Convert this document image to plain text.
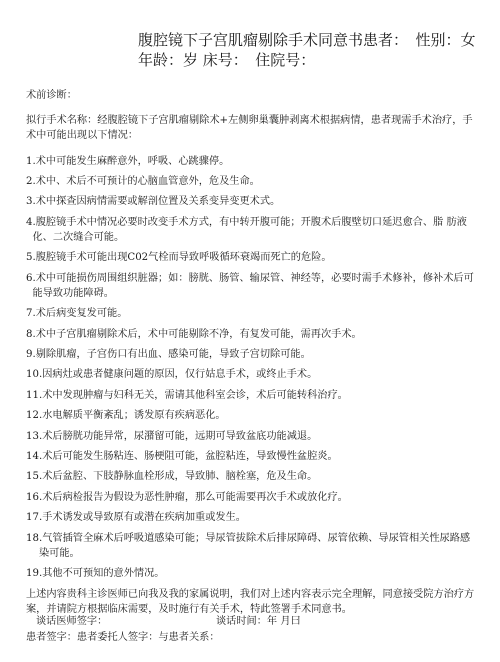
腹腔镜下子宫肌瘤剔除手术同意书患者：　性别：女
年龄：岁 床号：　住院号：

术前诊断：

拟行手术名称：经腹腔镜下子宫肌瘤剔除术+左侧卵巢囊肿剥离术根据病情，患者现需手术治疗，手术中可能出现以下情况：

1 .术中可能发生麻醉意外，呼吸、心跳骤停。
2 .术中、术后不可预计的心脑血管意外，危及生命。
3 .术中探查因病情需要或解剖位置及关系变异变更术式。
4 .腹腔镜手术中情况必要时改变手术方式，有中转开腹可能；开腹术后腹壁切口延迟愈合、脂 肪液化、二次缝合可能。
5 .腹腔镜手术可能出现C02气栓而导致呼吸循环衰竭而死亡的危险。
6 .术中可能损伤周围组织脏器；如：膀胱、肠管、输尿管、神经等，必要时需手术修补，修补术后可能导致功能障碍。
7 .术后病变复发可能。
8 .术中子宫肌瘤剔除术后，术中可能剔除不净，有复发可能，需再次手术。
9 .剔除肌瘤，子宫伤口有出血、感染可能，导致子宫切除可能。
10 .因病灶或患者健康问题的原因，仅行姑息手术，或终止手术。
11 .术中发现肿瘤与妇科无关，需请其他科室会诊，术后可能转科治疗。
12 .水电解质平衡紊乱；诱发原有疾病恶化。
13 .术后膀胱功能异常，尿潴留可能，远期可导致盆底功能减退。
14 .术后可能发生肠粘连、肠梗阻可能，盆腔粘连，导致慢性盆腔炎。
15 .术后盆腔、下肢静脉血栓形成，导致肺、脑栓塞，危及生命。
16 .术后病检报告为假设为恶性肿瘤，那么可能需要再次手术或放化疗。
17 .手术诱发或导致原有或潜在疾病加重或发生。
18 .气管插管全麻术后呼吸道感染可能；导尿管拔除术后排尿障碍、尿管依赖、导尿管相关性尿路感染可能。
19 .其他不可预知的意外情况。

上述内容贵科主诊医师已向我及我的家属说明，我们对上述内容表示完全理解，同意接受院方治疗方案，并请院方根据临床需要，及时施行有关手术，特此签署手术同意书。

患者签字：患者委托人签字：与患者关系：

谈话医师签字：	谈话时间：年 月曰
